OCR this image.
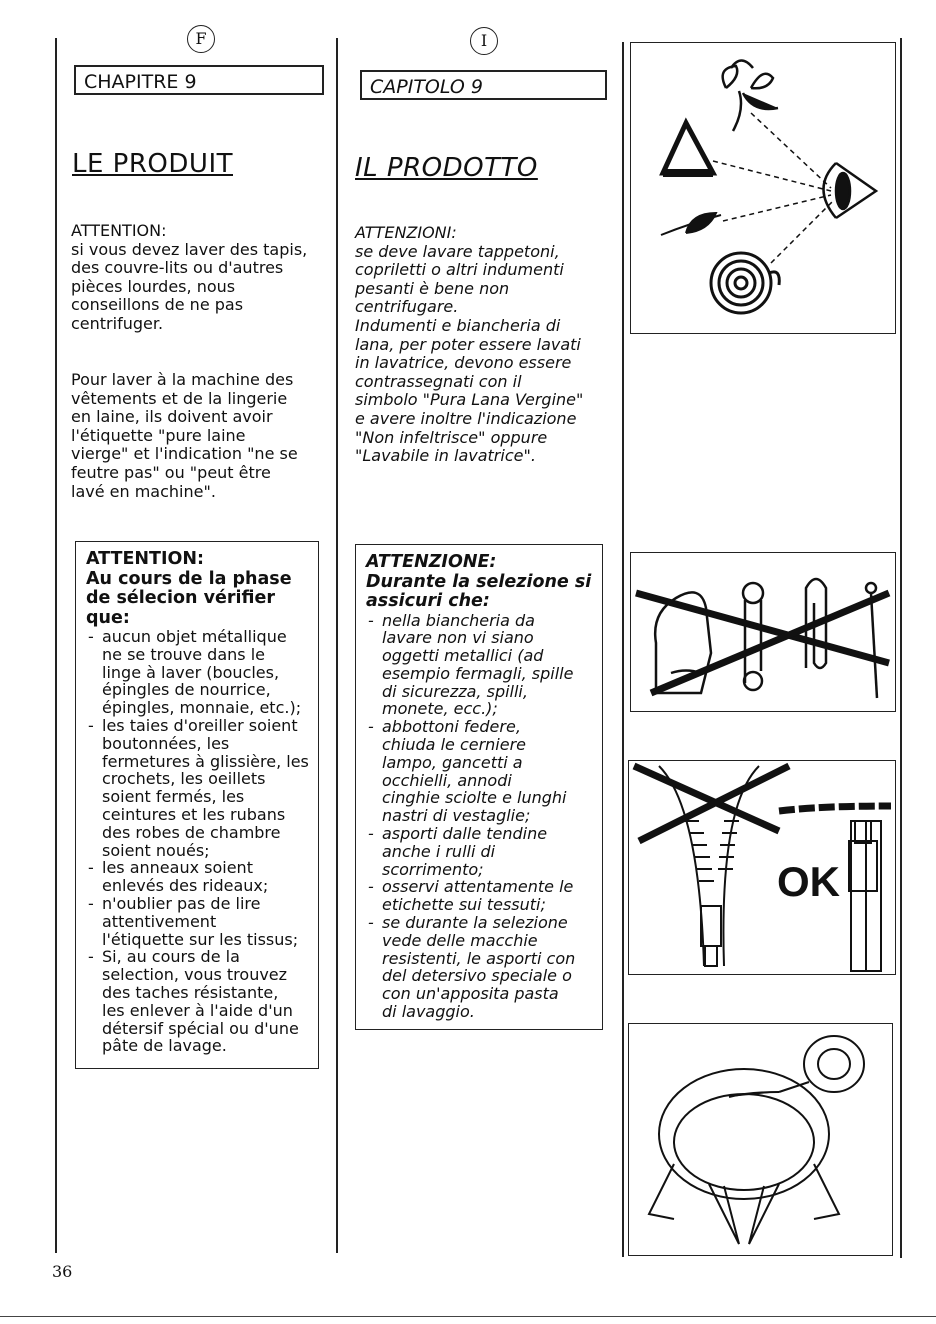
F
CHAPITRE 9
LE PRODUIT
ATTENTION:
si vous devez laver des tapis,
des couvre-lits ou d'autres
pièces lourdes, nous
conseillons de ne pas
centrifuger.
Pour laver à la machine des
vêtements et de la lingerie
en laine, ils doivent avoir
l'étiquette "pure laine
vierge" et l'indication "ne se
feutre pas" ou "peut être
lavé en machine".
ATTENTION:
Au cours de la phase
de sélecion vérifier
que:
- aucun objet métallique
ne se trouve dans le
linge à laver (boucles,
épingles de nourrice,
épingles, monnaie, etc.);
- les taies d'oreiller soient
boutonnées, les
fermetures à glissière, les
crochets, les oeillets
soient fermés, les
ceintures et les rubans
des robes de chambre
soient noués;
- les anneaux soient
enlevés des rideaux;
- n'oublier pas de lire
attentivement
l'étiquette sur les tissus;
- Si, au cours de la
selection, vous trouvez
des taches résistante,
les enlever à l'aide d'un
détersif spécial ou d'une
pâte de lavage.
I
CAPITOLO 9
IL PRODOTTO
ATTENZIONI:
se deve lavare tappetoni,
copriletti o altri indumenti
pesanti è bene non
centrifugare.
Indumenti e biancheria di
lana, per poter essere lavati
in lavatrice, devono essere
contrassegnati con il
simbolo "Pura Lana Vergine"
e avere inoltre l'indicazione
"Non infeltrisce" oppure
"Lavabile in lavatrice".
ATTENZIONE:
Durante la selezione si
assicuri che:
- nella biancheria da
lavare non vi siano
oggetti metallici (ad
esempio fermagli, spille
di sicurezza, spilli,
monete, ecc.);
- abbottoni federe,
chiuda le cerniere
lampo, gancetti a
occhielli, annodi
cinghie sciolte e lunghi
nastri di vestaglie;
- asporti dalle tendine
anche i rulli di
scorrimento;
- osservi attentamente le
etichette sui tessuti;
- se durante la selezione
vede delle macchie
resistenti, le asporti con
del detersivo speciale o
con un'apposita pasta
di lavaggio.
OK
36
